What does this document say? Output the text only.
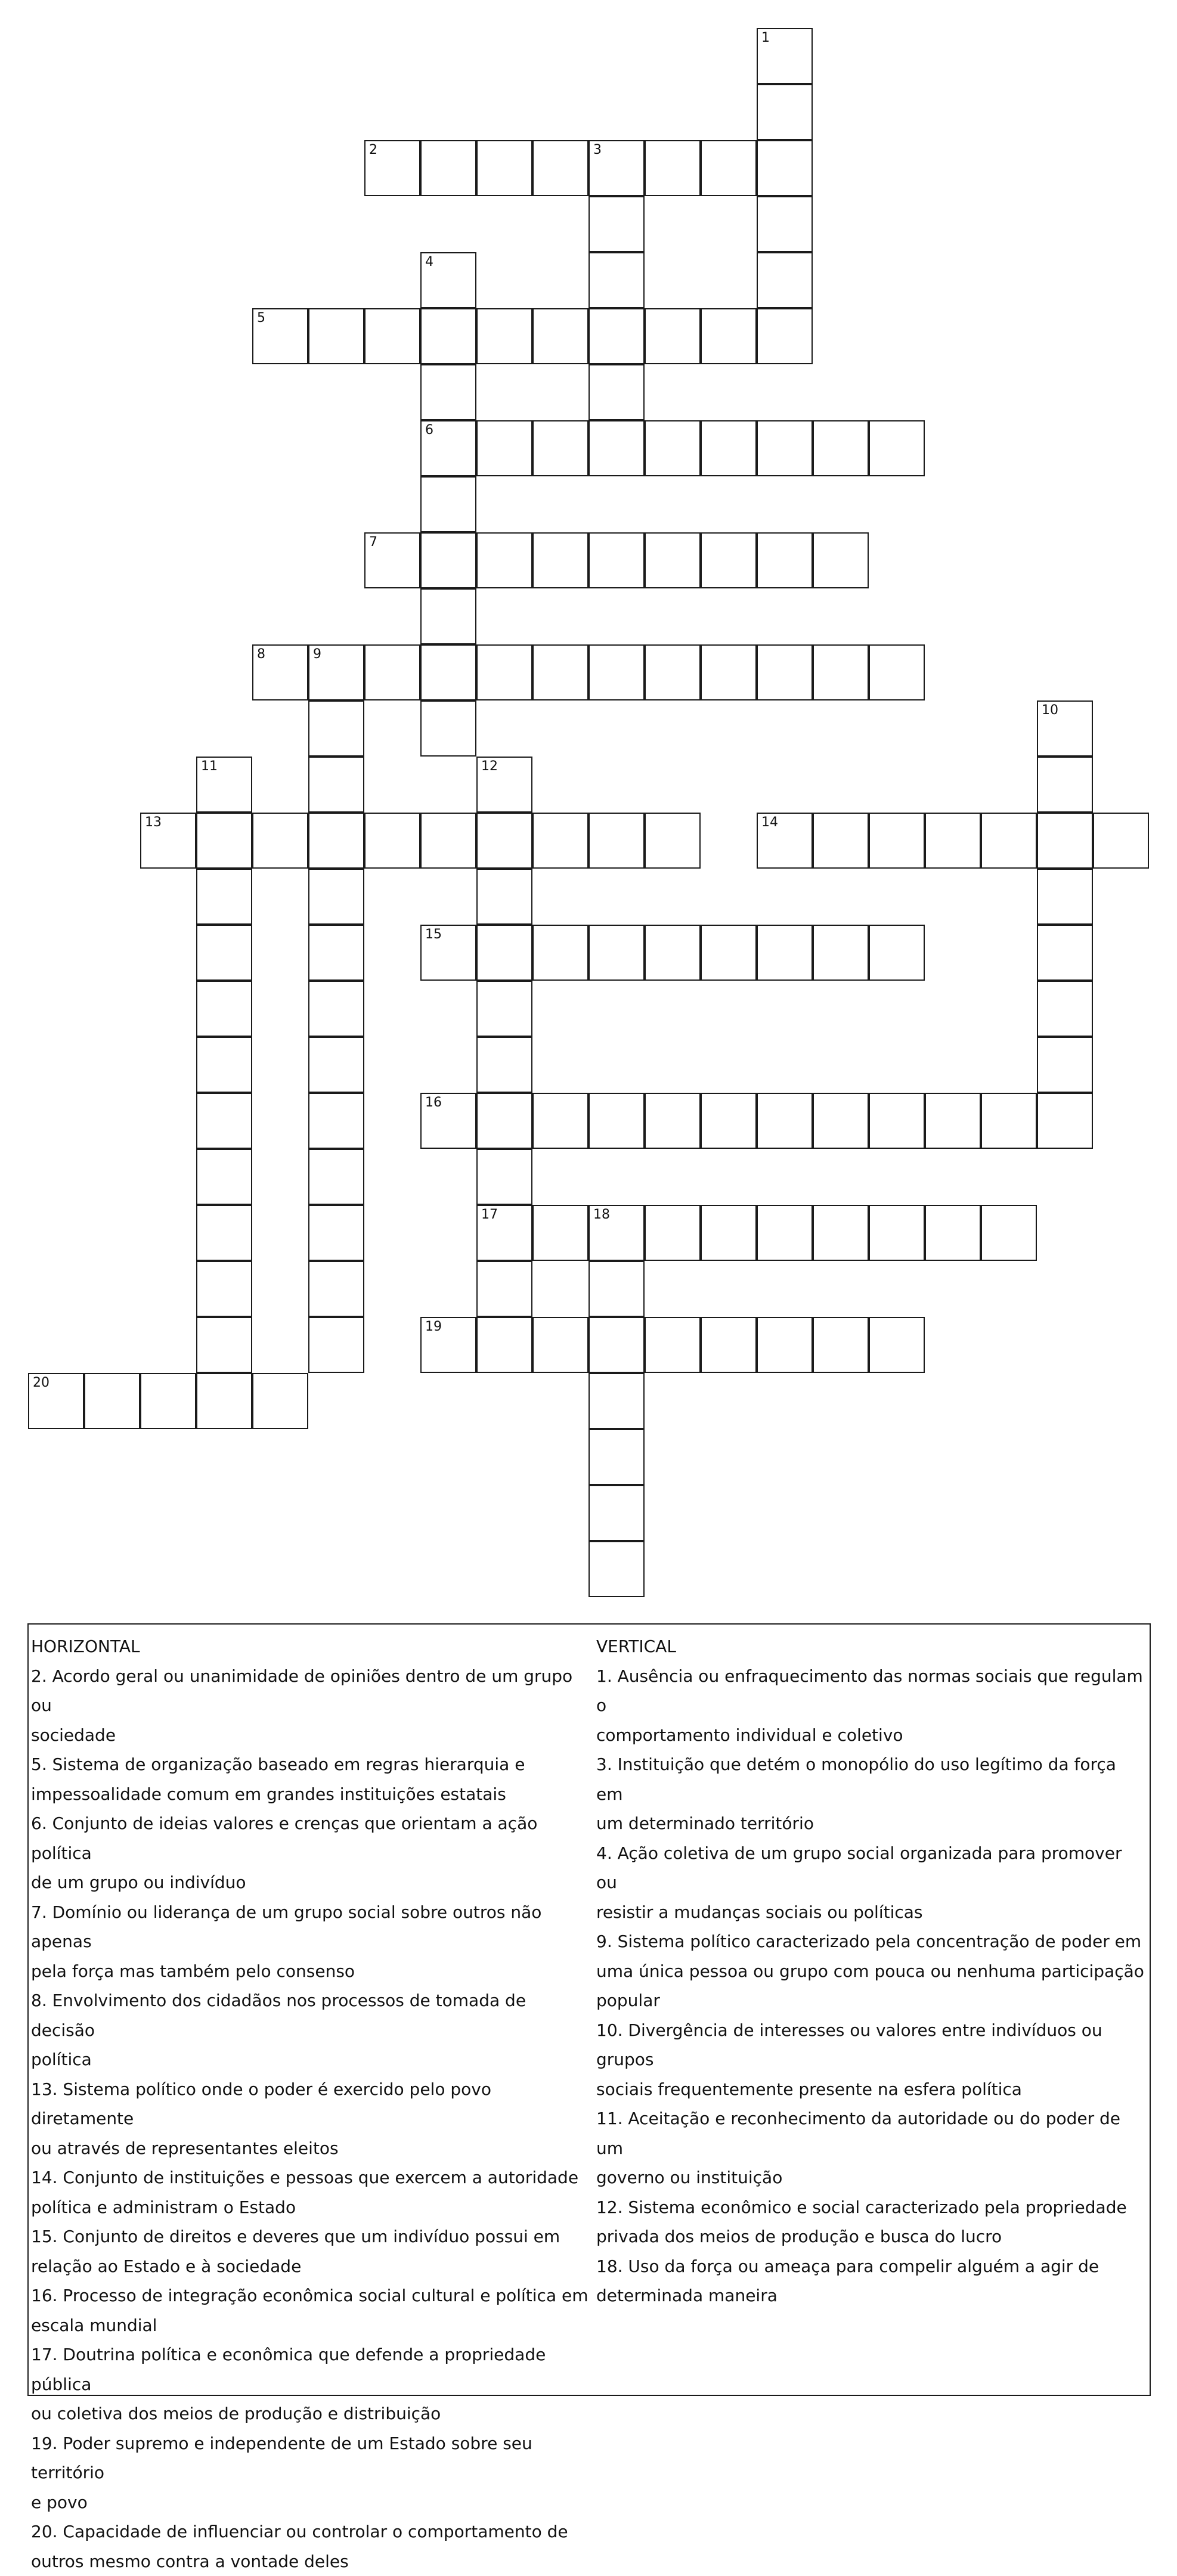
1
2	3
4
6
5
7
8	9
10
11	12
17
13	14
15
16
18
19
20

HORIZONTAL

2. Acordo geral ou unanimidade de opiniões dentro de um grupo ou

sociedade

5. Sistema de organização baseado em regras hierarquia e

impessoalidade comum em grandes instituições estatais

6. Conjunto de ideias valores e crenças que orientam a ação política

de um grupo ou indivíduo

7. Domínio ou liderança de um grupo social sobre outros não apenas

pela força mas também pelo consenso

8. Envolvimento dos cidadãos nos processos de tomada de decisão

política

13. Sistema político onde o poder é exercido pelo povo diretamente

ou através de representantes eleitos

14. Conjunto de instituições e pessoas que exercem a autoridade

política e administram o Estado

15. Conjunto de direitos e deveres que um indivíduo possui em

relação ao Estado e à sociedade

16. Processo de integração econômica social cultural e política em

escala mundial

17. Doutrina política e econômica que defende a propriedade pública

ou coletiva dos meios de produção e distribuição

19. Poder supremo e independente de um Estado sobre seu território

e povo

20. Capacidade de influenciar ou controlar o comportamento de

outros mesmo contra a vontade deles

VERTICAL

1. Ausência ou enfraquecimento das normas sociais que regulam o

comportamento individual e coletivo

3. Instituição que detém o monopólio do uso legítimo da força em

um determinado território

4. Ação coletiva de um grupo social organizada para promover ou

resistir a mudanças sociais ou políticas

9. Sistema político caracterizado pela concentração de poder em

uma única pessoa ou grupo com pouca ou nenhuma participação

popular

10. Divergência de interesses ou valores entre indivíduos ou grupos

sociais frequentemente presente na esfera política

11. Aceitação e reconhecimento da autoridade ou do poder de um

governo ou instituição

12. Sistema econômico e social caracterizado pela propriedade

privada dos meios de produção e busca do lucro

18. Uso da força ou ameaça para compelir alguém a agir de

determinada maneira
